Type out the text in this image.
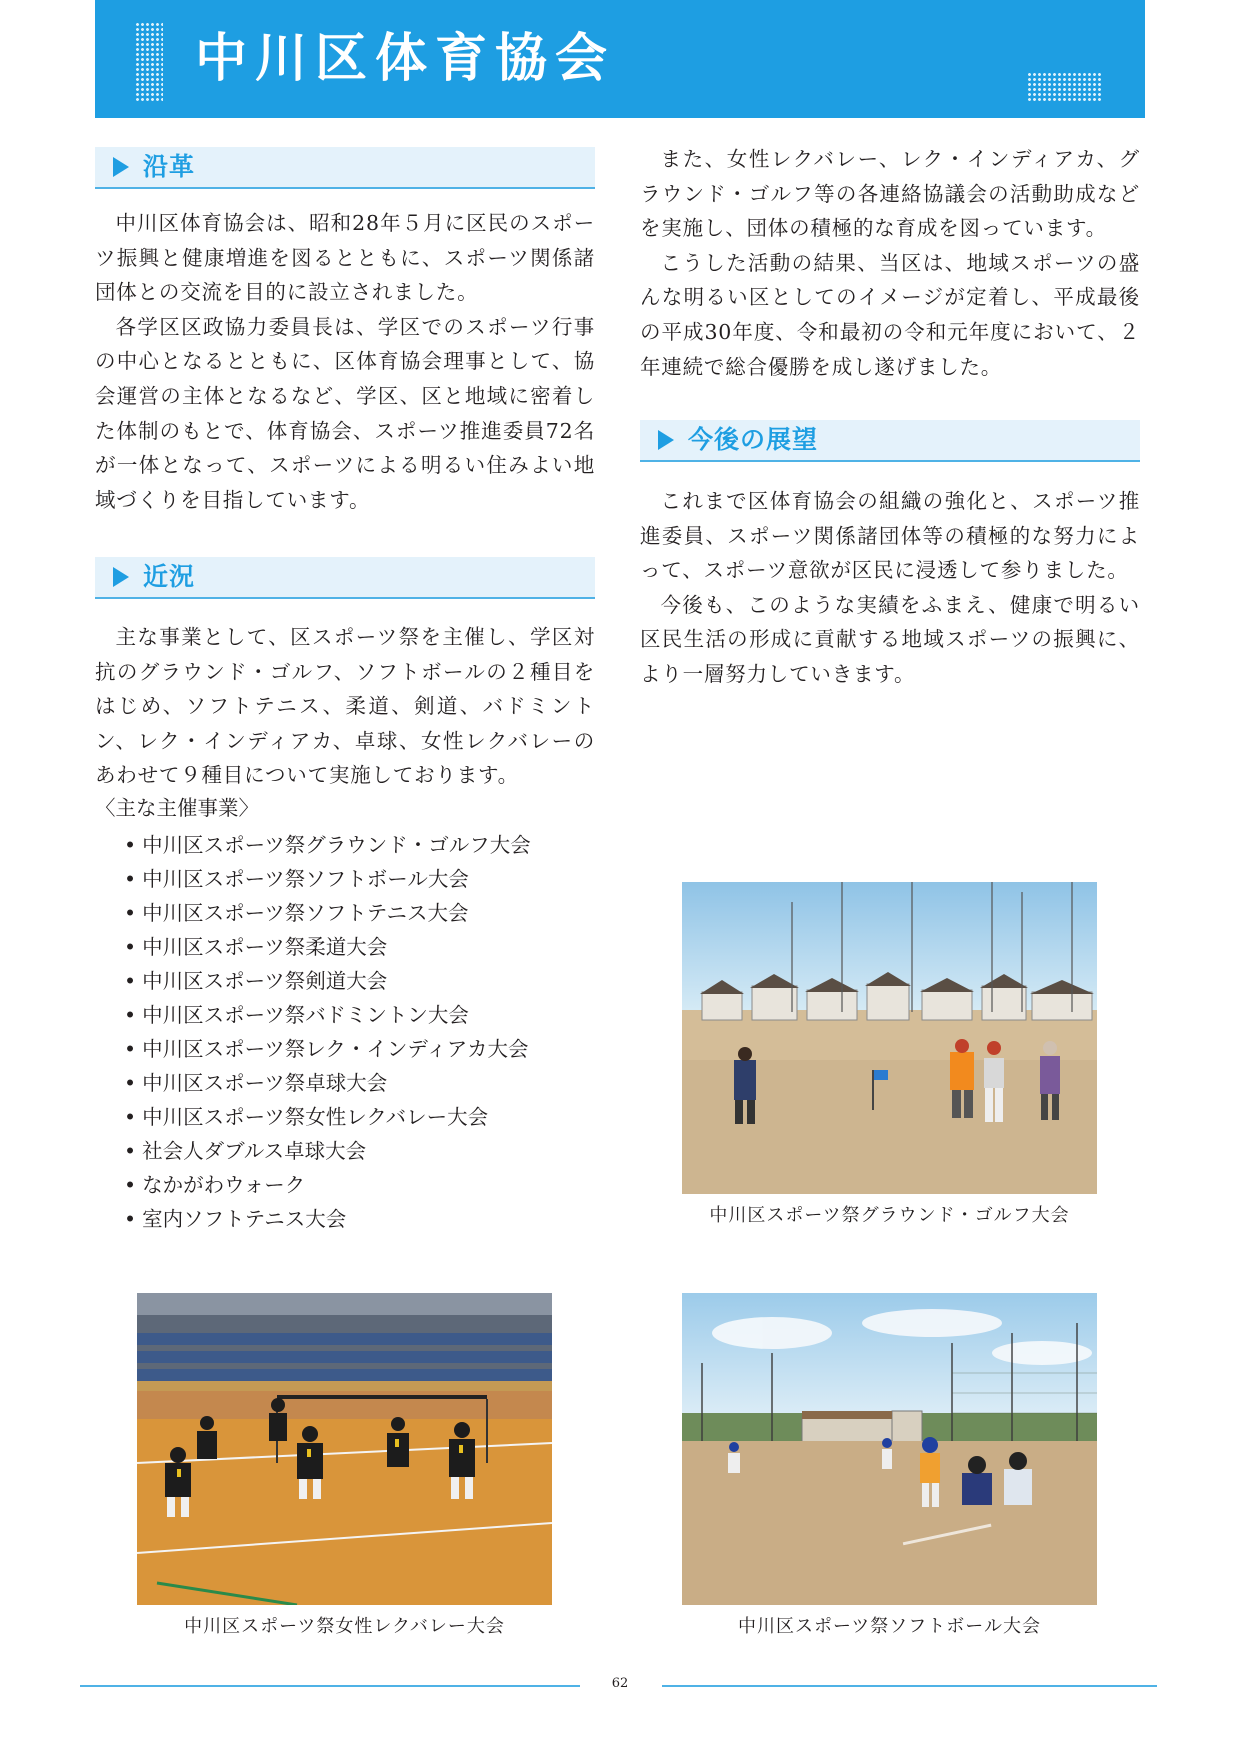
中川区体育協会
沿革

中川区体育協会は、昭和28年５月に区民のスポーツ振興と健康増進を図るとともに、スポーツ関係諸団体との交流を目的に設立されました。

各学区区政協力委員長は、学区でのスポーツ行事の中心となるとともに、区体育協会理事として、協会運営の主体となるなど、学区、区と地域に密着した体制のもとで、体育協会、スポーツ推進委員72名が一体となって、スポーツによる明るい住みよい地域づくりを目指しています。

近況

主な事業として、区スポーツ祭を主催し、学区対抗のグラウンド・ゴルフ、ソフトボールの２種目をはじめ、ソフトテニス、柔道、剣道、バドミントン、レク・インディアカ、卓球、女性レクバレーのあわせて９種目について実施しております。

〈主な主催事業〉

• 中川区スポーツ祭グラウンド・ゴルフ大会
• 中川区スポーツ祭ソフトボール大会
• 中川区スポーツ祭ソフトテニス大会
• 中川区スポーツ祭柔道大会
• 中川区スポーツ祭剣道大会
• 中川区スポーツ祭バドミントン大会
• 中川区スポーツ祭レク・インディアカ大会
• 中川区スポーツ祭卓球大会
• 中川区スポーツ祭女性レクバレー大会
• 社会人ダブルス卓球大会
• なかがわウォーク
• 室内ソフトテニス大会

また、女性レクバレー、レク・インディアカ、グラウンド・ゴルフ等の各連絡協議会の活動助成などを実施し、団体の積極的な育成を図っています。

こうした活動の結果、当区は、地域スポーツの盛んな明るい区としてのイメージが定着し、平成最後の平成30年度、令和最初の令和元年度において、２年連続で総合優勝を成し遂げました。

今後の展望

これまで区体育協会の組織の強化と、スポーツ推進委員、スポーツ関係諸団体等の積極的な努力によって、スポーツ意欲が区民に浸透して参りました。

今後も、このような実績をふまえ、健康で明るい区民生活の形成に貢献する地域スポーツの振興に、より一層努力していきます。

中川区スポーツ祭グラウンド・ゴルフ大会

中川区スポーツ祭女性レクバレー大会	中川区スポーツ祭ソフトボール大会

62
